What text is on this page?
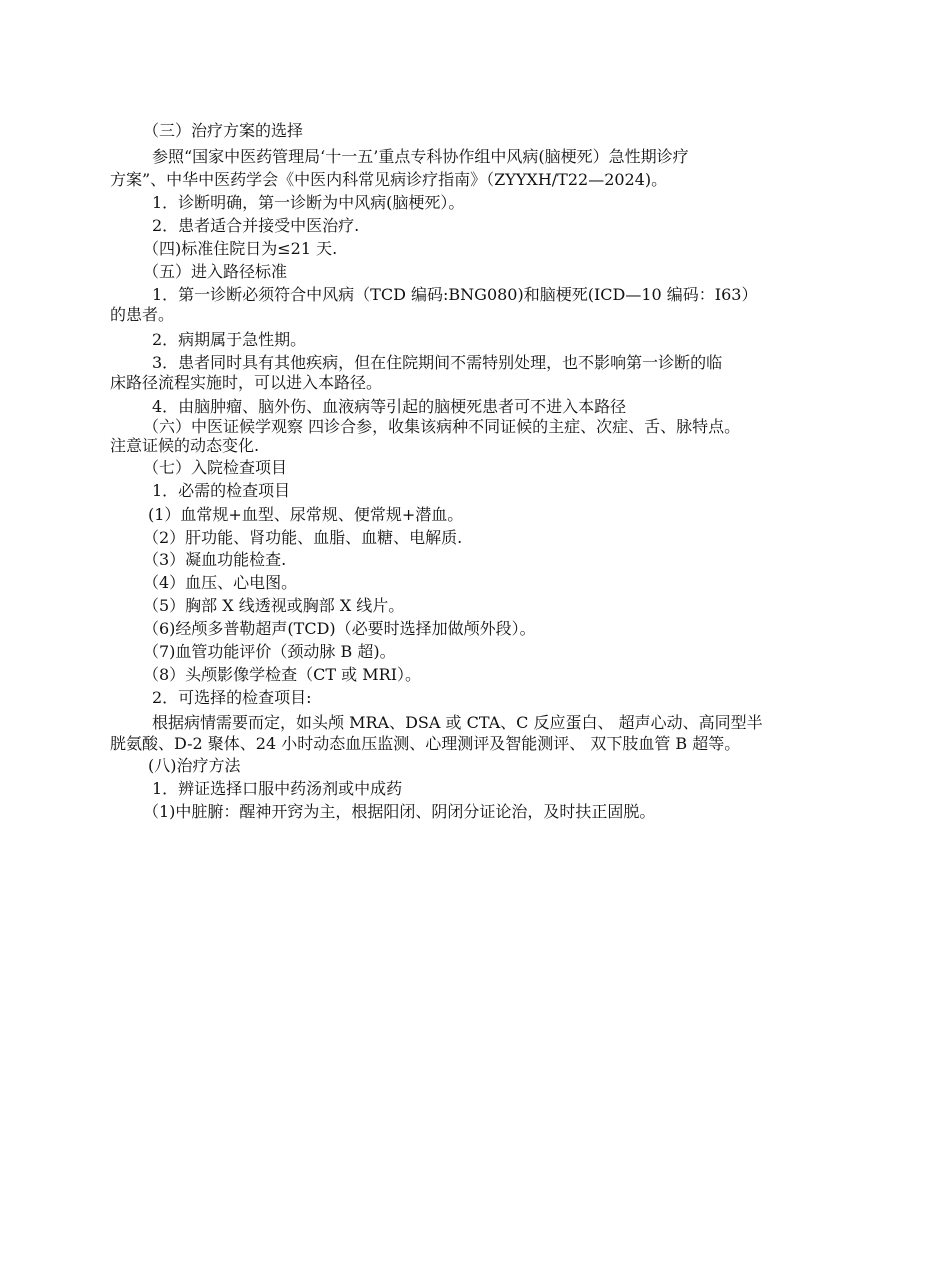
（三）治疗方案的选择
参照“国家中医药管理局‘十一五’重点专科协作组中风病(脑梗死）急性期诊疗
方案”、中华中医药学会《中医内科常见病诊疗指南》（ZYYXH/T22—2024)。
1．诊断明确，第一诊断为中风病(脑梗死）。
2．患者适合并接受中医治疗.
（四)标准住院日为≤21 天.
（五）进入路径标准
1．第一诊断必须符合中风病（TCD 编码:BNG080)和脑梗死(ICD—10 编码：I63）
的患者。
2．病期属于急性期。
3．患者同时具有其他疾病，但在住院期间不需特别处理，也不影响第一诊断的临
床路径流程实施时，可以进入本路径。
4．由脑肿瘤、脑外伤、血液病等引起的脑梗死患者可不进入本路径
（六）中医证候学观察 四诊合参，收集该病种不同证候的主症、次症、舌、脉特点。
注意证候的动态变化.
（七）入院检查项目
1．必需的检查项目
(1）血常规+血型、尿常规、便常规+潜血。
（2）肝功能、肾功能、血脂、血糖、电解质.
（3）凝血功能检查.
（4）血压、心电图。
（5）胸部 X 线透视或胸部 X 线片。
（6)经颅多普勒超声(TCD)（必要时选择加做颅外段）。
（7)血管功能评价（颈动脉 B 超)。
（8）头颅影像学检查（CT 或 MRI）。
2．可选择的检查项目:
根据病情需要而定，如头颅 MRA、DSA 或 CTA、C 反应蛋白、 超声心动、高同型半
胱氨酸、D-2 聚体、24 小时动态血压监测、心理测评及智能测评、 双下肢血管 B 超等。
(八)治疗方法
1．辨证选择口服中药汤剂或中成药
（1)中脏腑：醒神开窍为主，根据阳闭、阴闭分证论治，及时扶正固脱。
